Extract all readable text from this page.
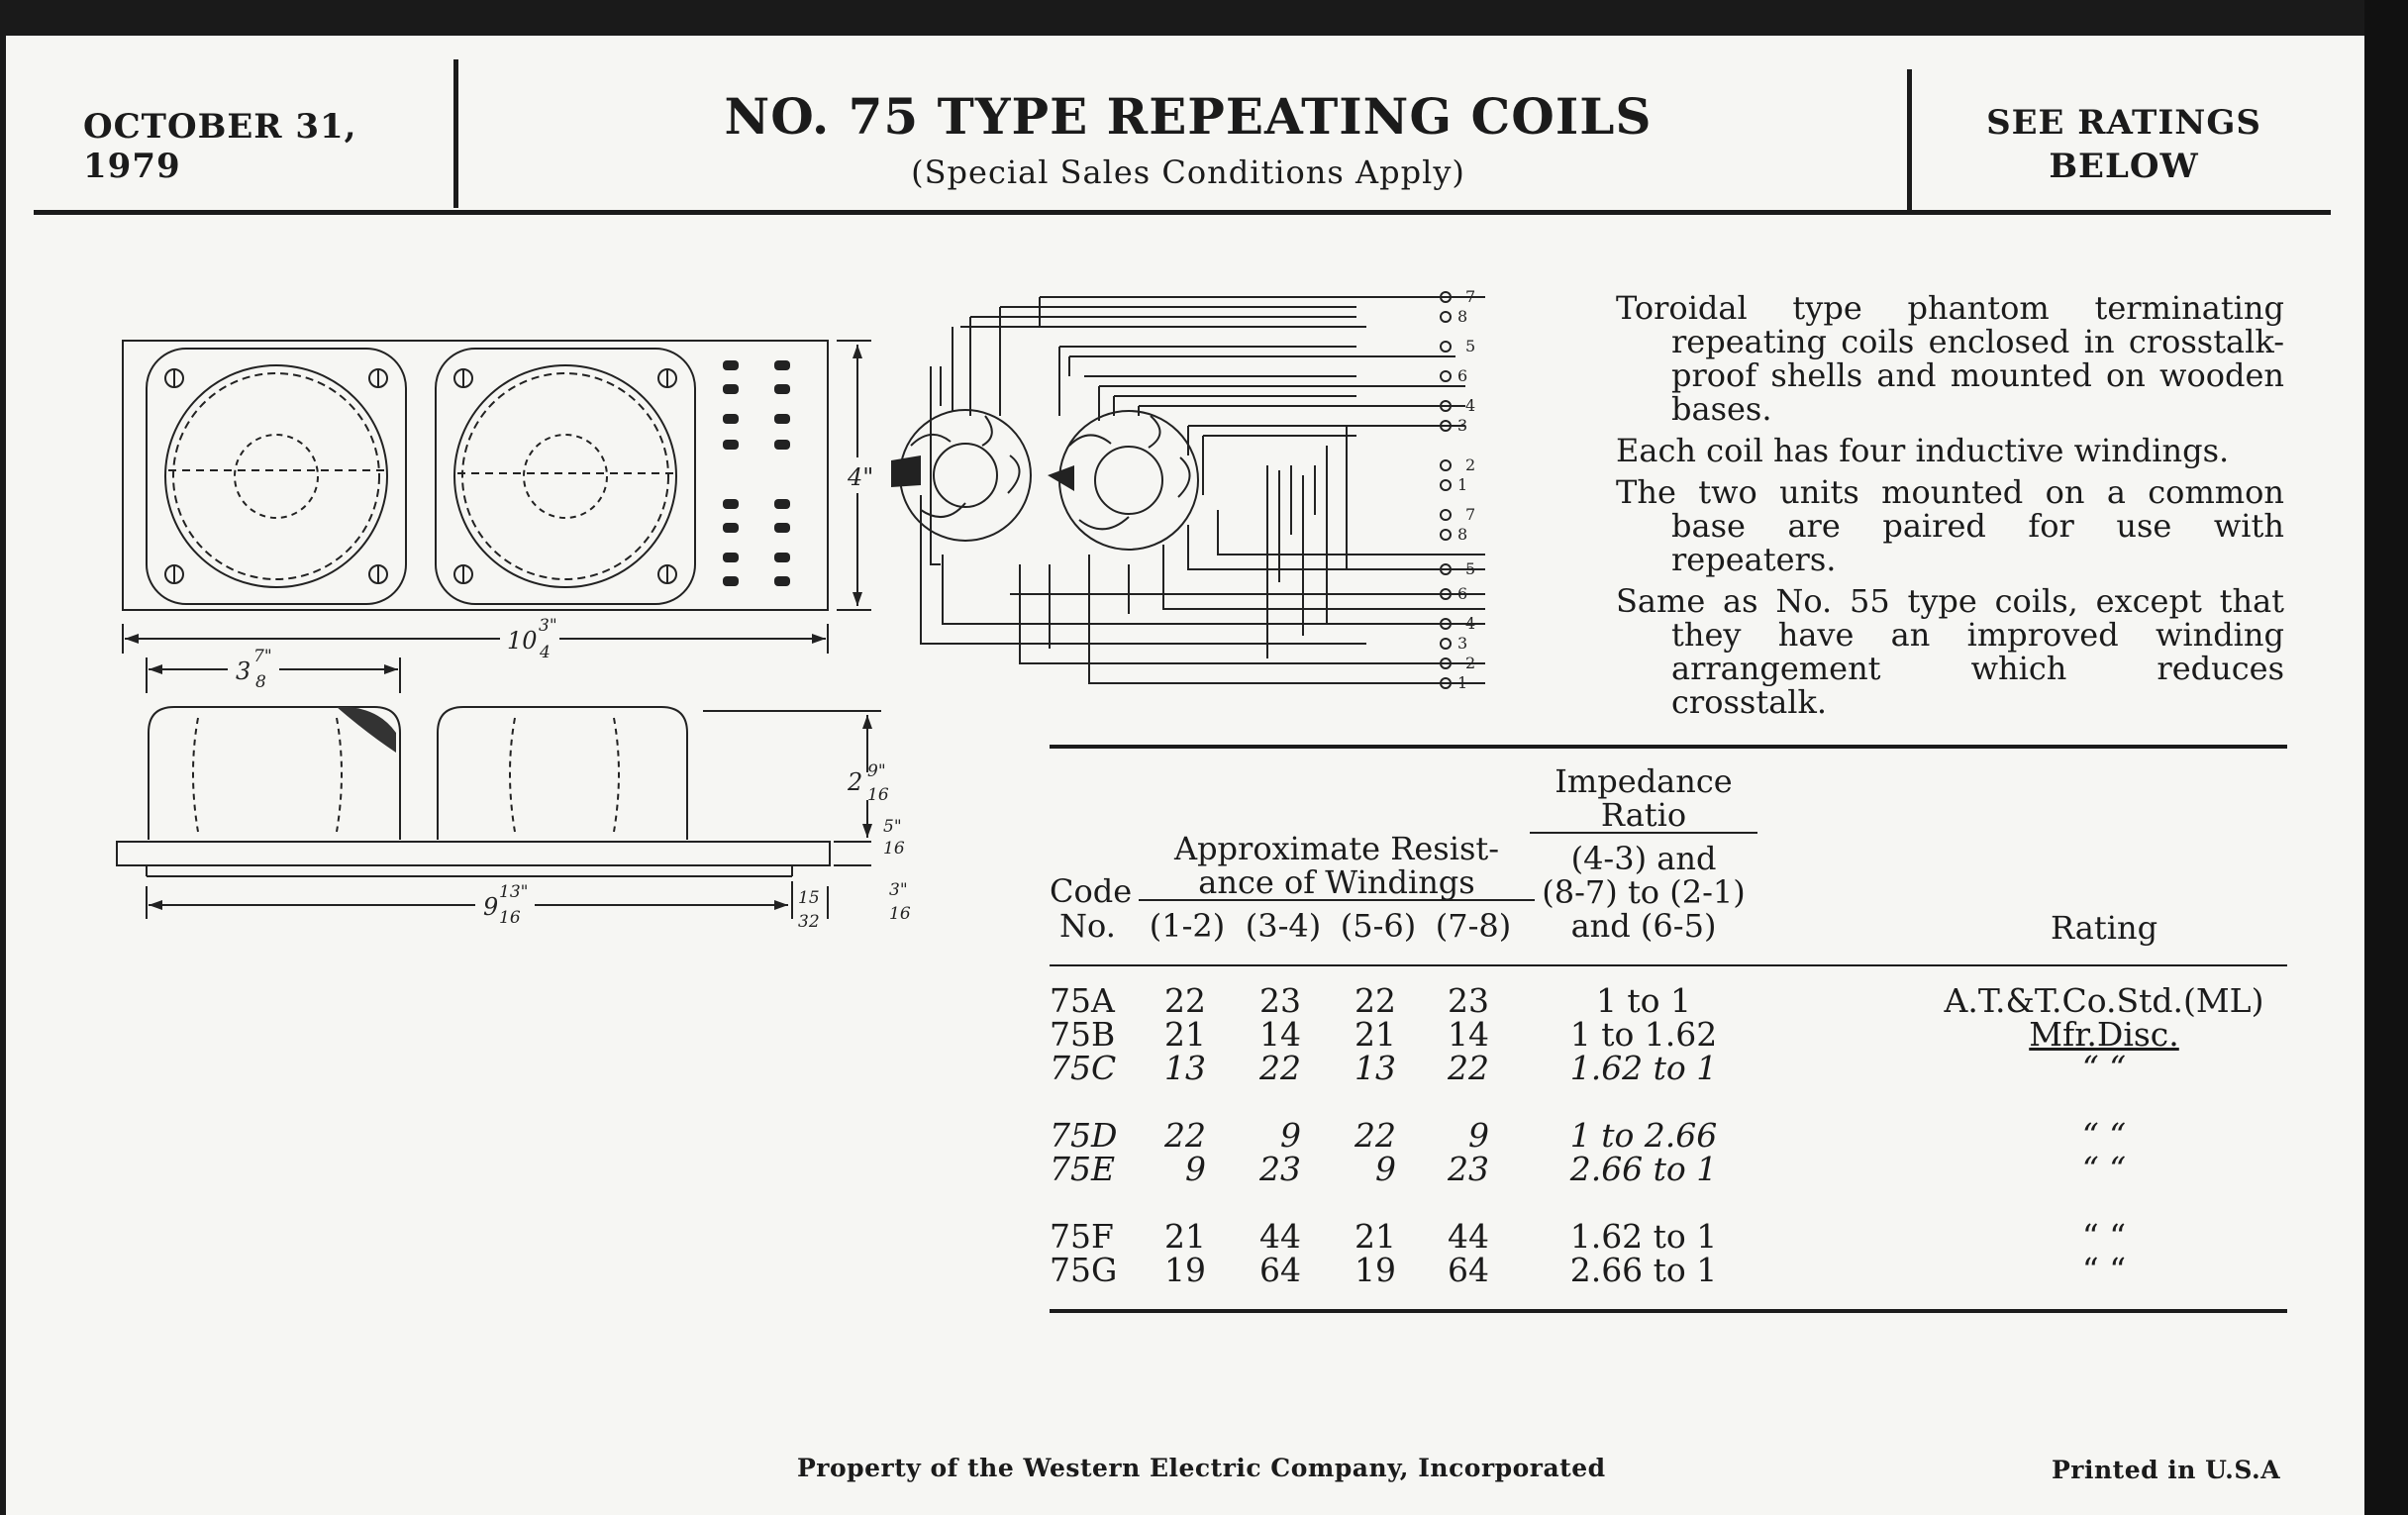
OCTOBER 31, 1979
NO. 75 TYPE REPEATING COILS
(Special Sales Conditions Apply)
SEE RATINGS
BELOW
10
3"
4
4"
3
7"
8
2 9"
16
5"
16
9
13"
16
15
32
3"
16
7
8
5
6
4
3
2
1
7
8
5
6
4
3
2
1

Toroidal type phantom terminating repeating coils enclosed in crosstalk-proof shells and mounted on wooden bases.

Each coil has four inductive windings.

The two units mounted on a common base are paired for use with repeaters.

Same as No. 55 type coils, except that they have an improved winding arrangement which reduces crosstalk.

Code
No.
Approximate Resist-
ance of Windings
(1-2) (3-4) (5-6) (7-8)
Impedance
Ratio
(4-3) and
(8-7) to (2-1)
and (6-5)	Rating
75A	22	23	22	23	1 to 1	A.T.&T.Co.Std.(ML)
75B	21	14	21	14	1 to 1.62	Mfr.Disc.
75C	13	22	13	22	1.62 to 1	“ “
75D	22	9	22	9	1 to 2.66	“ “
75E	9	23	9	23	2.66 to 1	“ “
75F	21	44	21	44	1.62 to 1	“ “
75G	19	64	19	64	2.66 to 1	“ “
Property of the Western Electric Company, Incorporated	Printed in U.S.A
